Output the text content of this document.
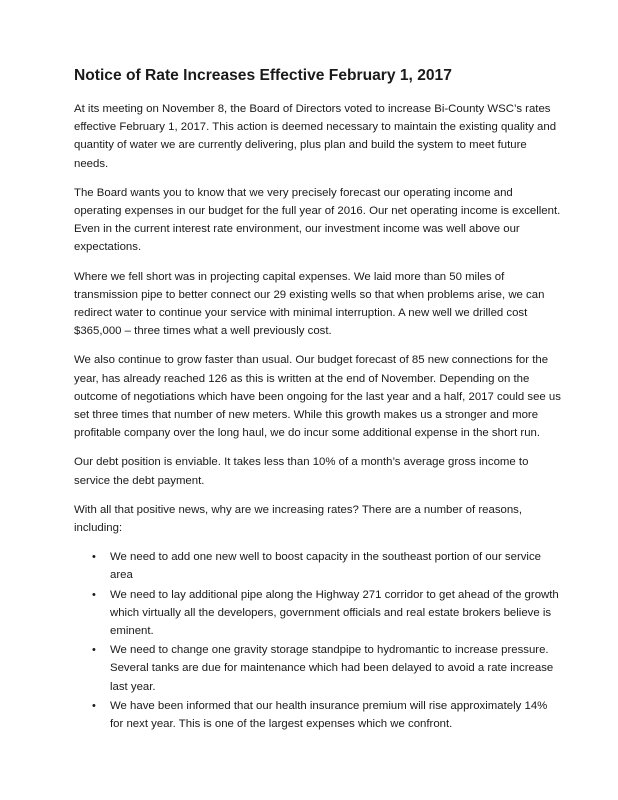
Notice of Rate Increases Effective February 1, 2017

At its meeting on November 8, the Board of Directors voted to increase Bi-County WSC’s rates effective February 1, 2017. This action is deemed necessary to maintain the existing quality and quantity of water we are currently delivering, plus plan and build the system to meet future needs.

The Board wants you to know that we very precisely forecast our operating income and operating expenses in our budget for the full year of 2016. Our net operating income is excellent. Even in the current interest rate environment, our investment income was well above our expectations.

Where we fell short was in projecting capital expenses. We laid more than 50 miles of transmission pipe to better connect our 29 existing wells so that when problems arise, we can redirect water to continue your service with minimal interruption. A new well we drilled cost $365,000 – three times what a well previously cost.

We also continue to grow faster than usual. Our budget forecast of 85 new connections for the year, has already reached 126 as this is written at the end of November. Depending on the outcome of negotiations which have been ongoing for the last year and a half, 2017 could see us set three times that number of new meters. While this growth makes us a stronger and more profitable company over the long haul, we do incur some additional expense in the short run.

Our debt position is enviable. It takes less than 10% of a month’s average gross income to service the debt payment.

With all that positive news, why are we increasing rates? There are a number of reasons, including:

• We need to add one new well to boost capacity in the southeast portion of our service area
• We need to lay additional pipe along the Highway 271 corridor to get ahead of the growth which virtually all the developers, government officials and real estate brokers believe is eminent.
• We need to change one gravity storage standpipe to hydromantic to increase pressure. Several tanks are due for maintenance which had been delayed to avoid a rate increase last year.
• We have been informed that our health insurance premium will rise approximately 14% for next year. This is one of the largest expenses which we confront.
